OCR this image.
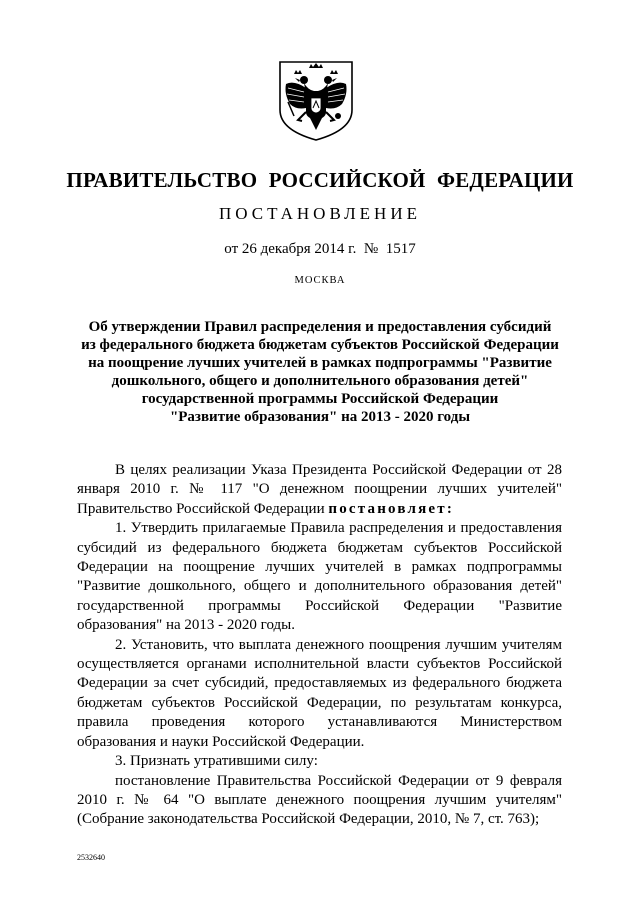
ПРАВИТЕЛЬСТВО РОССИЙСКОЙ ФЕДЕРАЦИИ
ПОСТАНОВЛЕНИЕ
от 26 декабря 2014 г.  №  1517
МОСКВА
Об утверждении Правил распределения и предоставления субсидий
из федерального бюджета бюджетам субъектов Российской Федерации
на поощрение лучших учителей в рамках подпрограммы "Развитие
дошкольного, общего и дополнительного образования детей"
государственной программы Российской Федерации
"Развитие образования" на 2013 - 2020 годы

В целях реализации Указа Президента Российской Федерации от 28 января 2010 г. № 117 "О денежном поощрении лучших учителей" Правительство Российской Федерации постановляет:

1. Утвердить прилагаемые Правила распределения и предоставления субсидий из федерального бюджета бюджетам субъектов Российской Федерации на поощрение лучших учителей в рамках подпрограммы "Развитие дошкольного, общего и дополнительного образования детей" государственной программы Российской Федерации "Развитие образования" на 2013 - 2020 годы.

2. Установить, что выплата денежного поощрения лучшим учителям осуществляется органами исполнительной власти субъектов Российской Федерации за счет субсидий, предоставляемых из федерального бюджета бюджетам субъектов Российской Федерации, по результатам конкурса, правила проведения которого устанавливаются Министерством образования и науки Российской Федерации.

3. Признать утратившими силу:

постановление Правительства Российской Федерации от 9 февраля 2010 г. № 64 "О выплате денежного поощрения лучшим учителям" (Собрание законодательства Российской Федерации, 2010, № 7, ст. 763);

2532640
